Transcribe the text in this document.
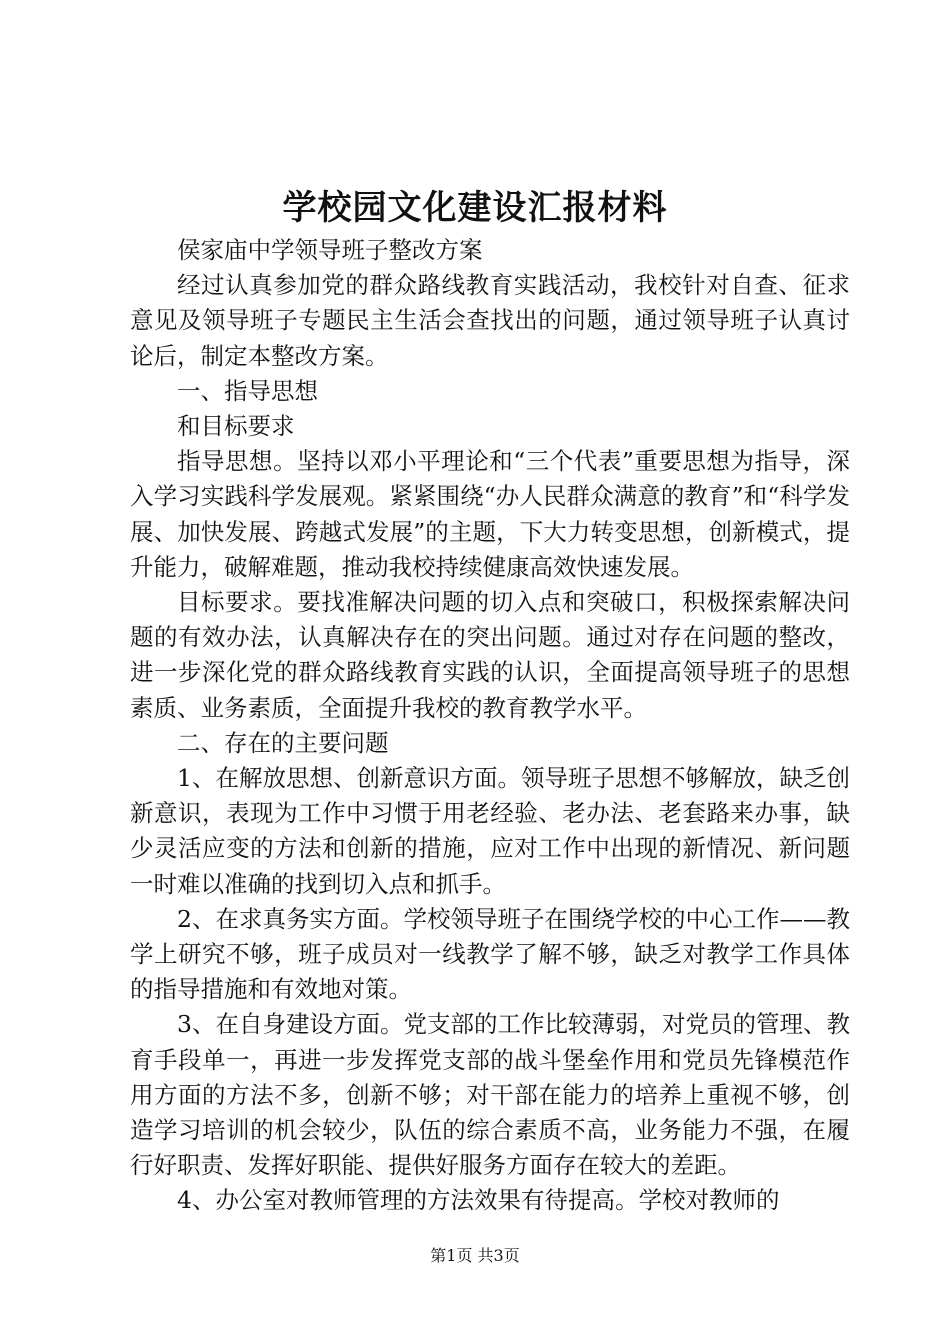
学校园文化建设汇报材料

侯家庙中学领导班子整改方案

经过认真参加党的群众路线教育实践活动，我校针对自查、征求意见及领导班子专题民主生活会查找出的问题，通过领导班子认真讨论后，制定本整改方案。

一、指导思想

和目标要求

指导思想。坚持以邓小平理论和“三个代表”重要思想为指导，深入学习实践科学发展观。紧紧围绕“办人民群众满意的教育”和“科学发展、加快发展、跨越式发展”的主题，下大力转变思想，创新模式，提升能力，破解难题，推动我校持续健康高效快速发展。

目标要求。要找准解决问题的切入点和突破口，积极探索解决问题的有效办法，认真解决存在的突出问题。通过对存在问题的整改，进一步深化党的群众路线教育实践的认识，全面提高领导班子的思想素质、业务素质，全面提升我校的教育教学水平。

二、存在的主要问题

1、在解放思想、创新意识方面。领导班子思想不够解放，缺乏创新意识，表现为工作中习惯于用老经验、老办法、老套路来办事，缺少灵活应变的方法和创新的措施，应对工作中出现的新情况、新问题一时难以准确的找到切入点和抓手。

2、在求真务实方面。学校领导班子在围绕学校的中心工作——教学上研究不够，班子成员对一线教学了解不够，缺乏对教学工作具体的指导措施和有效地对策。

3、在自身建设方面。党支部的工作比较薄弱，对党员的管理、教育手段单一，再进一步发挥党支部的战斗堡垒作用和党员先锋模范作用方面的方法不多，创新不够；对干部在能力的培养上重视不够，创造学习培训的机会较少，队伍的综合素质不高，业务能力不强，在履行好职责、发挥好职能、提供好服务方面存在较大的差距。

4、办公室对教师管理的方法效果有待提高。学校对教师的

第1页 共3页
